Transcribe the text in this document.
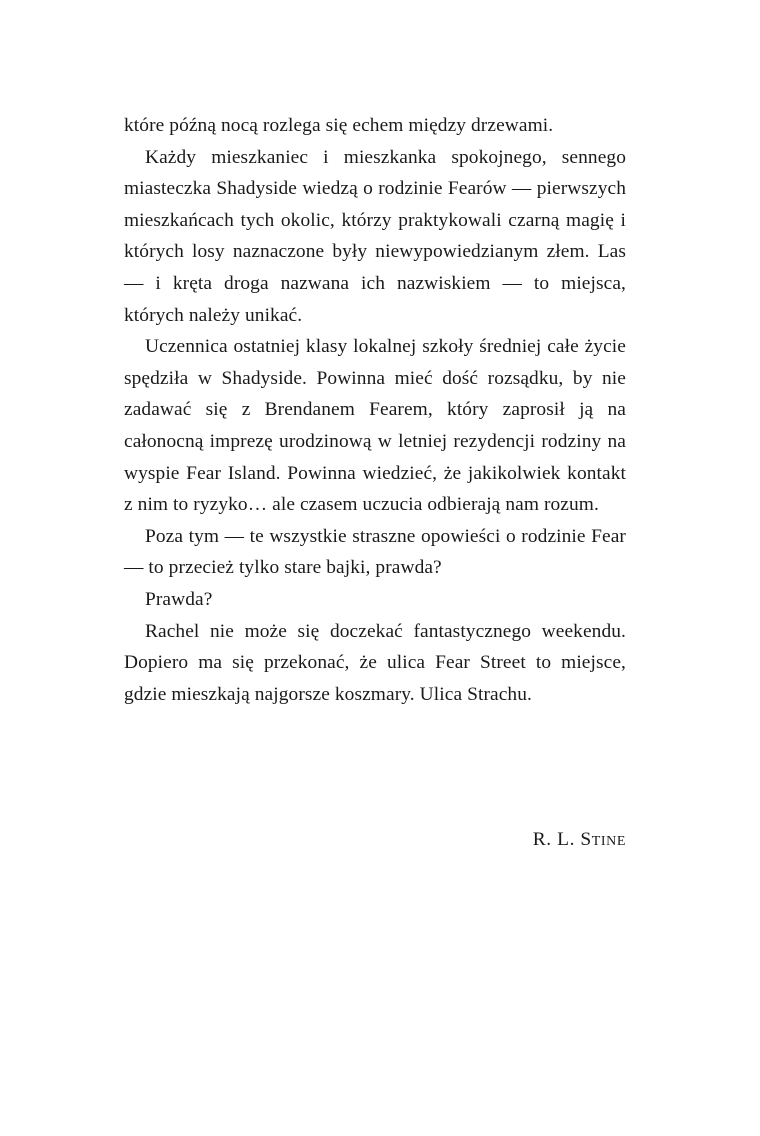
które późną nocą rozlega się echem między drzewami.

Każdy mieszkaniec i mieszkanka spokojnego, sennego miasteczka Shadyside wiedzą o rodzinie Fearów — pierwszych mieszkańcach tych okolic, którzy praktykowali czarną magię i których losy naznaczone były niewypowiedzianym złem. Las — i kręta droga nazwana ich nazwiskiem — to miejsca, których należy unikać.

Uczennica ostatniej klasy lokalnej szkoły średniej całe życie spędziła w Shadyside. Powinna mieć dość rozsądku, by nie zadawać się z Brendanem Fearem, który zaprosił ją na całonocną imprezę urodzinową w letniej rezydencji rodziny na wyspie Fear Island. Powinna wiedzieć, że jakikolwiek kontakt z nim to ryzyko… ale czasem uczucia odbierają nam rozum.

Poza tym — te wszystkie straszne opowieści o rodzinie Fear — to przecież tylko stare bajki, prawda?

Prawda?

Rachel nie może się doczekać fantastycznego weekendu. Dopiero ma się przekonać, że ulica Fear Street to miejsce, gdzie mieszkają najgorsze koszmary. Ulica Strachu.

R. L. Stine
